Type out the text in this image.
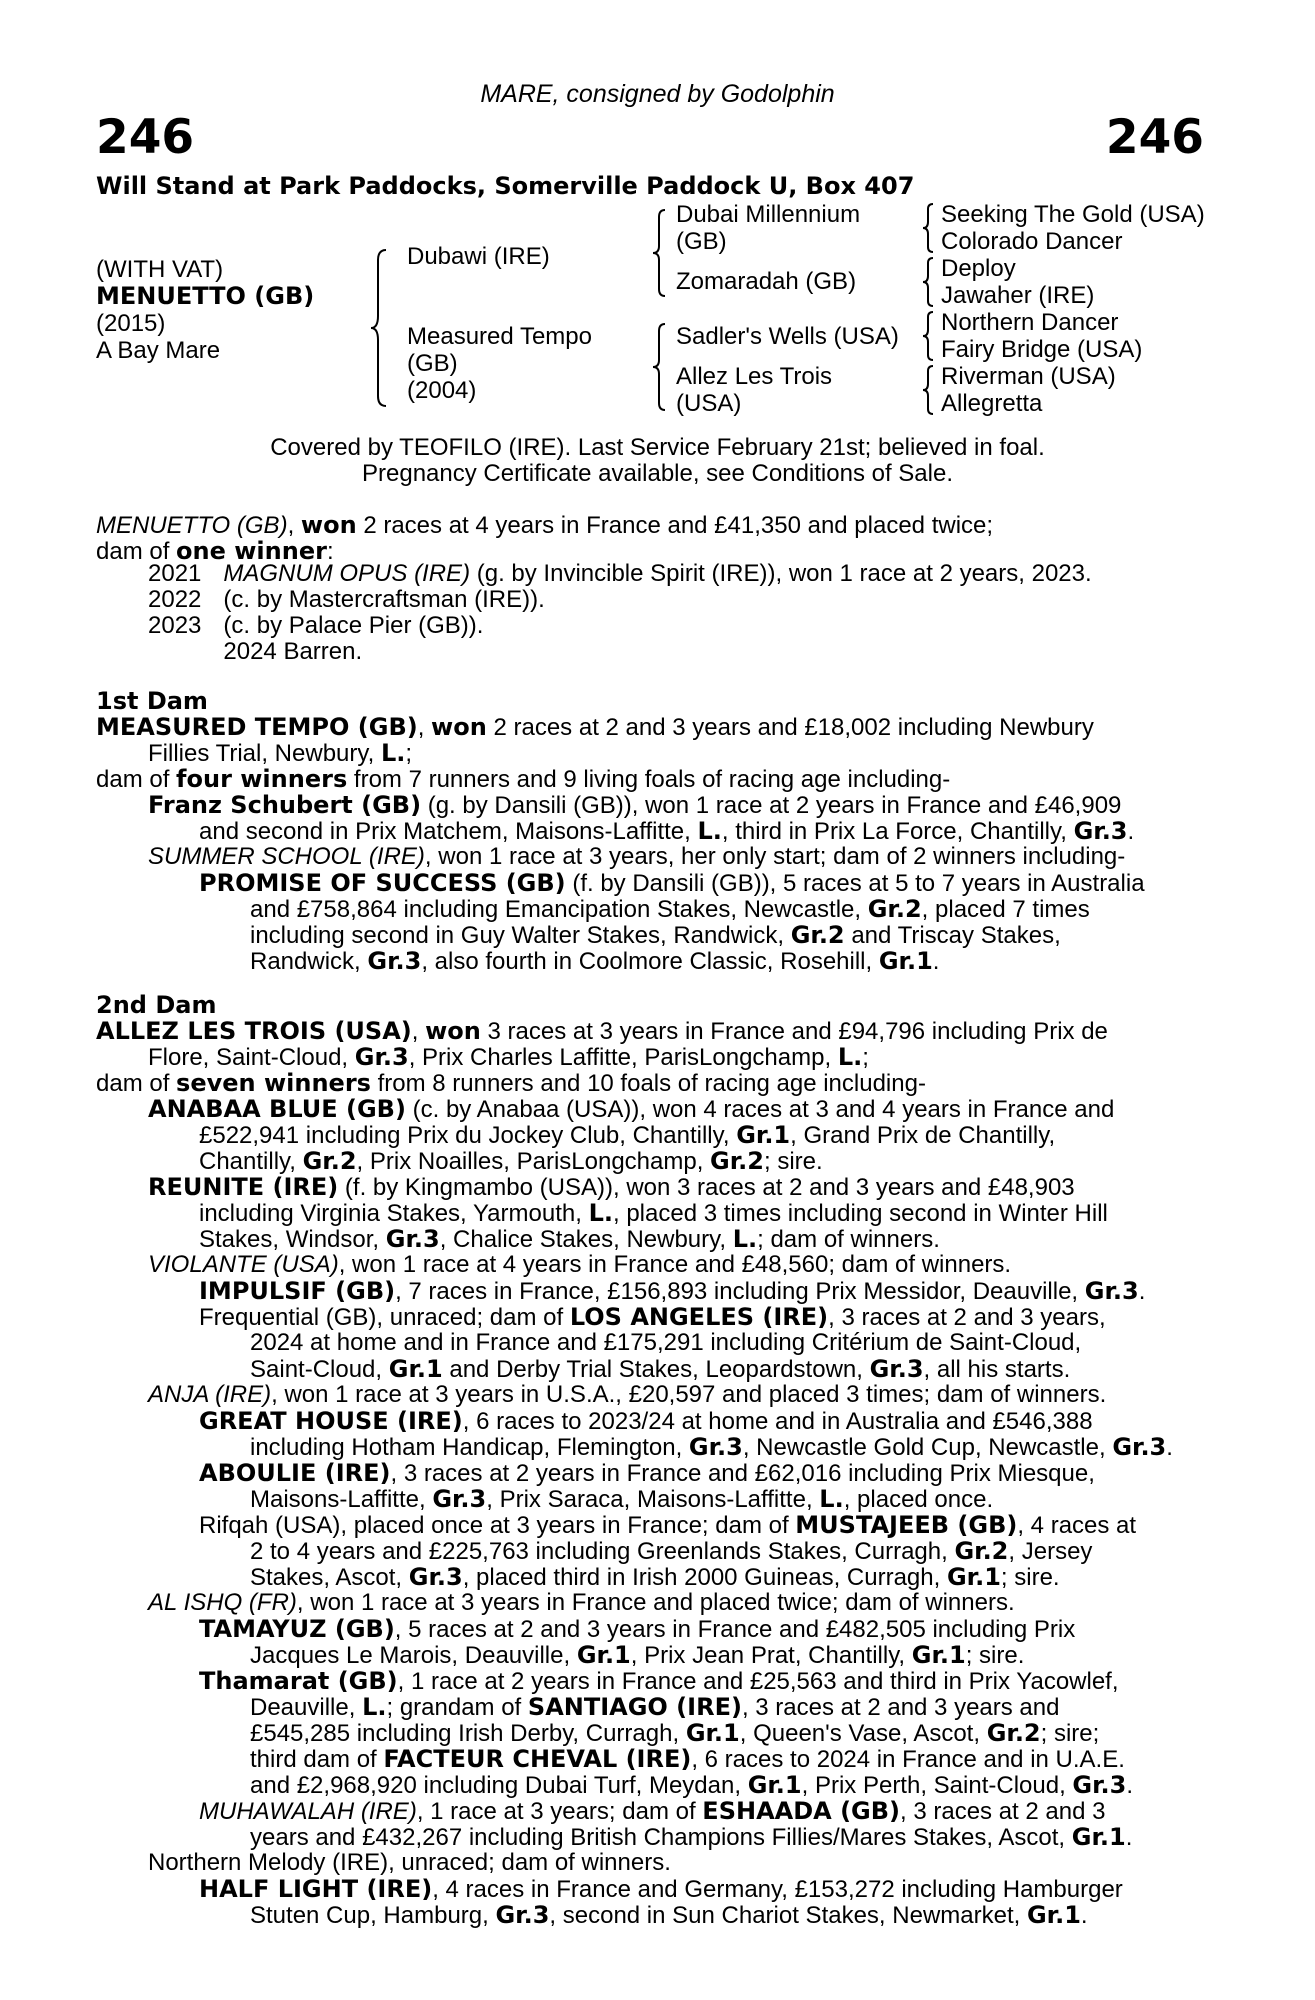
MARE, consigned by Godolphin
246	246
Will Stand at Park Paddocks, Somerville Paddock U, Box 407
(WITH VAT)
MENUETTO (GB)
(2015)
A Bay Mare
Dubawi (IRE)
Measured Tempo
(GB)
(2004)
Dubai Millennium
(GB)
Zomaradah (GB)
Sadler's Wells (USA)
Allez Les Trois
(USA)
Seeking The Gold (USA)
Colorado Dancer
Deploy
Jawaher (IRE)
Northern Dancer
Fairy Bridge (USA)
Riverman (USA)
Allegretta
Covered by TEOFILO (IRE). Last Service February 21st; believed in foal.
Pregnancy Certificate available, see Conditions of Sale.
MENUETTO (GB), won 2 races at 4 years in France and £41,350 and placed twice;
dam of one winner:
2021	MAGNUM OPUS (IRE) (g. by Invincible Spirit (IRE)), won 1 race at 2 years, 2023.
2022	(c. by Mastercraftsman (IRE)).
2023	(c. by Palace Pier (GB)).
	2024 Barren.
1st Dam
MEASURED TEMPO (GB), won 2 races at 2 and 3 years and £18,002 including Newbury
Fillies Trial, Newbury, L.;
dam of four winners from 7 runners and 9 living foals of racing age including-
Franz Schubert (GB) (g. by Dansili (GB)), won 1 race at 2 years in France and £46,909
and second in Prix Matchem, Maisons-Laffitte, L., third in Prix La Force, Chantilly, Gr.3.
SUMMER SCHOOL (IRE), won 1 race at 3 years, her only start; dam of 2 winners including-
PROMISE OF SUCCESS (GB) (f. by Dansili (GB)), 5 races at 5 to 7 years in Australia
and £758,864 including Emancipation Stakes, Newcastle, Gr.2, placed 7 times
including second in Guy Walter Stakes, Randwick, Gr.2 and Triscay Stakes,
Randwick, Gr.3, also fourth in Coolmore Classic, Rosehill, Gr.1.
2nd Dam
ALLEZ LES TROIS (USA), won 3 races at 3 years in France and £94,796 including Prix de
Flore, Saint-Cloud, Gr.3, Prix Charles Laffitte, ParisLongchamp, L.;
dam of seven winners from 8 runners and 10 foals of racing age including-
ANABAA BLUE (GB) (c. by Anabaa (USA)), won 4 races at 3 and 4 years in France and
£522,941 including Prix du Jockey Club, Chantilly, Gr.1, Grand Prix de Chantilly,
Chantilly, Gr.2, Prix Noailles, ParisLongchamp, Gr.2; sire.
REUNITE (IRE) (f. by Kingmambo (USA)), won 3 races at 2 and 3 years and £48,903
including Virginia Stakes, Yarmouth, L., placed 3 times including second in Winter Hill
Stakes, Windsor, Gr.3, Chalice Stakes, Newbury, L.; dam of winners.
VIOLANTE (USA), won 1 race at 4 years in France and £48,560; dam of winners.
IMPULSIF (GB), 7 races in France, £156,893 including Prix Messidor, Deauville, Gr.3.
Frequential (GB), unraced; dam of LOS ANGELES (IRE), 3 races at 2 and 3 years,
2024 at home and in France and £175,291 including Critérium de Saint-Cloud,
Saint-Cloud, Gr.1 and Derby Trial Stakes, Leopardstown, Gr.3, all his starts.
ANJA (IRE), won 1 race at 3 years in U.S.A., £20,597 and placed 3 times; dam of winners.
GREAT HOUSE (IRE), 6 races to 2023/24 at home and in Australia and £546,388
including Hotham Handicap, Flemington, Gr.3, Newcastle Gold Cup, Newcastle, Gr.3.
ABOULIE (IRE), 3 races at 2 years in France and £62,016 including Prix Miesque,
Maisons-Laffitte, Gr.3, Prix Saraca, Maisons-Laffitte, L., placed once.
Rifqah (USA), placed once at 3 years in France; dam of MUSTAJEEB (GB), 4 races at
2 to 4 years and £225,763 including Greenlands Stakes, Curragh, Gr.2, Jersey
Stakes, Ascot, Gr.3, placed third in Irish 2000 Guineas, Curragh, Gr.1; sire.
AL ISHQ (FR), won 1 race at 3 years in France and placed twice; dam of winners.
TAMAYUZ (GB), 5 races at 2 and 3 years in France and £482,505 including Prix
Jacques Le Marois, Deauville, Gr.1, Prix Jean Prat, Chantilly, Gr.1; sire.
Thamarat (GB), 1 race at 2 years in France and £25,563 and third in Prix Yacowlef,
Deauville, L.; grandam of SANTIAGO (IRE), 3 races at 2 and 3 years and
£545,285 including Irish Derby, Curragh, Gr.1, Queen's Vase, Ascot, Gr.2; sire;
third dam of FACTEUR CHEVAL (IRE), 6 races to 2024 in France and in U.A.E.
and £2,968,920 including Dubai Turf, Meydan, Gr.1, Prix Perth, Saint-Cloud, Gr.3.
MUHAWALAH (IRE), 1 race at 3 years; dam of ESHAADA (GB), 3 races at 2 and 3
years and £432,267 including British Champions Fillies/Mares Stakes, Ascot, Gr.1.
Northern Melody (IRE), unraced; dam of winners.
HALF LIGHT (IRE), 4 races in France and Germany, £153,272 including Hamburger
Stuten Cup, Hamburg, Gr.3, second in Sun Chariot Stakes, Newmarket, Gr.1.
